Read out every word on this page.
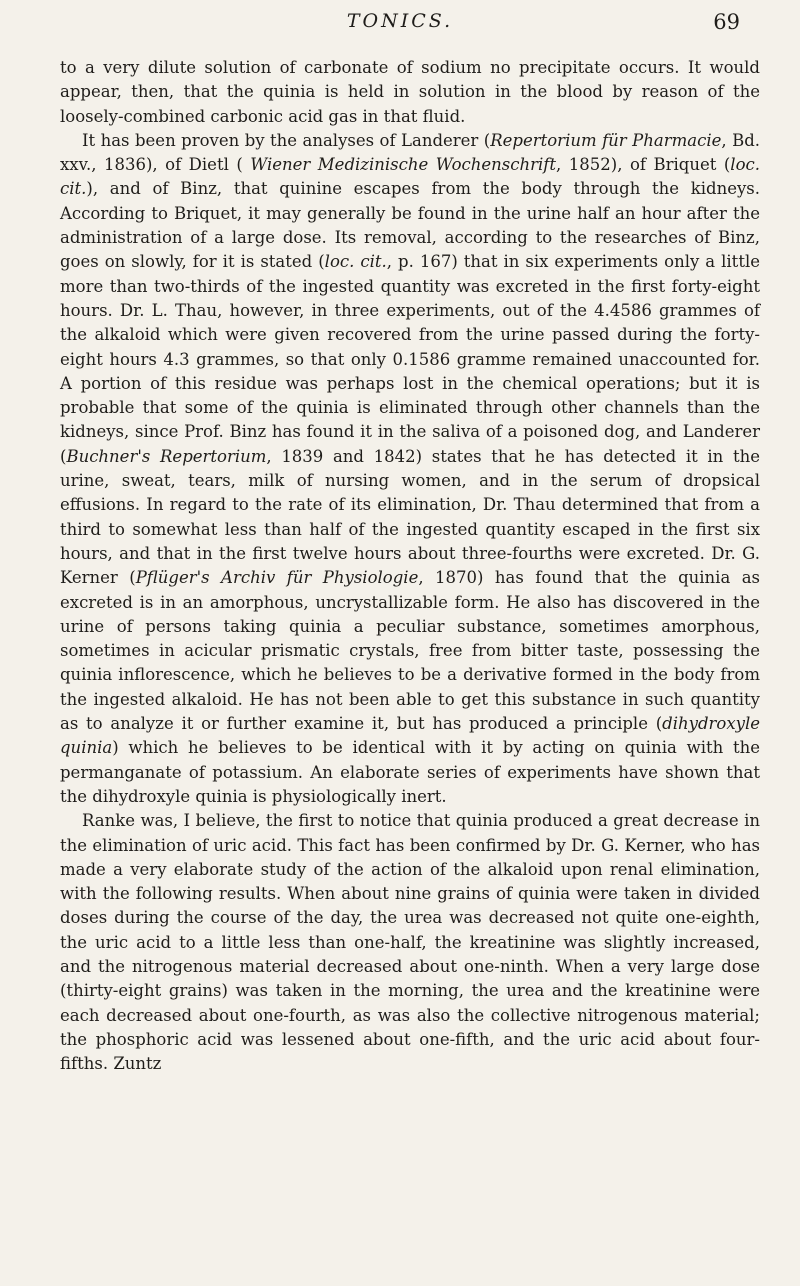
TONICS.	69

to a very dilute solution of carbonate of sodium no precipitate occurs. It would appear, then, that the quinia is held in solution in the blood by reason of the loosely-combined carbonic acid gas in that fluid.

It has been proven by the analyses of Landerer (Repertorium für Pharmacie, Bd. xxv., 1836), of Dietl ( Wiener Medizinische Wochenschrift, 1852), of Briquet (loc. cit.), and of Binz, that quinine escapes from the body through the kidneys. According to Briquet, it may generally be found in the urine half an hour after the administration of a large dose. Its removal, according to the researches of Binz, goes on slowly, for it is stated (loc. cit., p. 167) that in six experiments only a little more than two-thirds of the ingested quantity was excreted in the first forty-eight hours. Dr. L. Thau, however, in three experiments, out of the 4.4586 grammes of the alkaloid which were given recovered from the urine passed during the forty-eight hours 4.3 grammes, so that only 0.1586 gramme remained unaccounted for. A portion of this residue was perhaps lost in the chemical operations; but it is probable that some of the quinia is eliminated through other channels than the kidneys, since Prof. Binz has found it in the saliva of a poisoned dog, and Landerer (Buchner's Repertorium, 1839 and 1842) states that he has detected it in the urine, sweat, tears, milk of nursing women, and in the serum of dropsical effusions. In regard to the rate of its elimination, Dr. Thau determined that from a third to somewhat less than half of the ingested quantity escaped in the first six hours, and that in the first twelve hours about three-fourths were excreted. Dr. G. Kerner (Pflüger's Archiv für Physiologie, 1870) has found that the quinia as excreted is in an amorphous, uncrystallizable form. He also has discovered in the urine of persons taking quinia a peculiar substance, sometimes amorphous, sometimes in acicular prismatic crystals, free from bitter taste, possessing the quinia inflorescence, which he believes to be a derivative formed in the body from the ingested alkaloid. He has not been able to get this substance in such quantity as to analyze it or further examine it, but has produced a principle (dihydroxyle quinia) which he believes to be identical with it by acting on quinia with the permanganate of potassium. An elaborate series of experiments have shown that the dihydroxyle quinia is physiologically inert.

Ranke was, I believe, the first to notice that quinia produced a great decrease in the elimination of uric acid. This fact has been confirmed by Dr. G. Kerner, who has made a very elaborate study of the action of the alkaloid upon renal elimination, with the following results. When about nine grains of quinia were taken in divided doses during the course of the day, the urea was decreased not quite one-eighth, the uric acid to a little less than one-half, the kreatinine was slightly increased, and the nitrogenous material decreased about one-ninth. When a very large dose (thirty-eight grains) was taken in the morning, the urea and the kreatinine were each decreased about one-fourth, as was also the collective nitrogenous material; the phosphoric acid was lessened about one-fifth, and the uric acid about four-fifths. Zuntz
